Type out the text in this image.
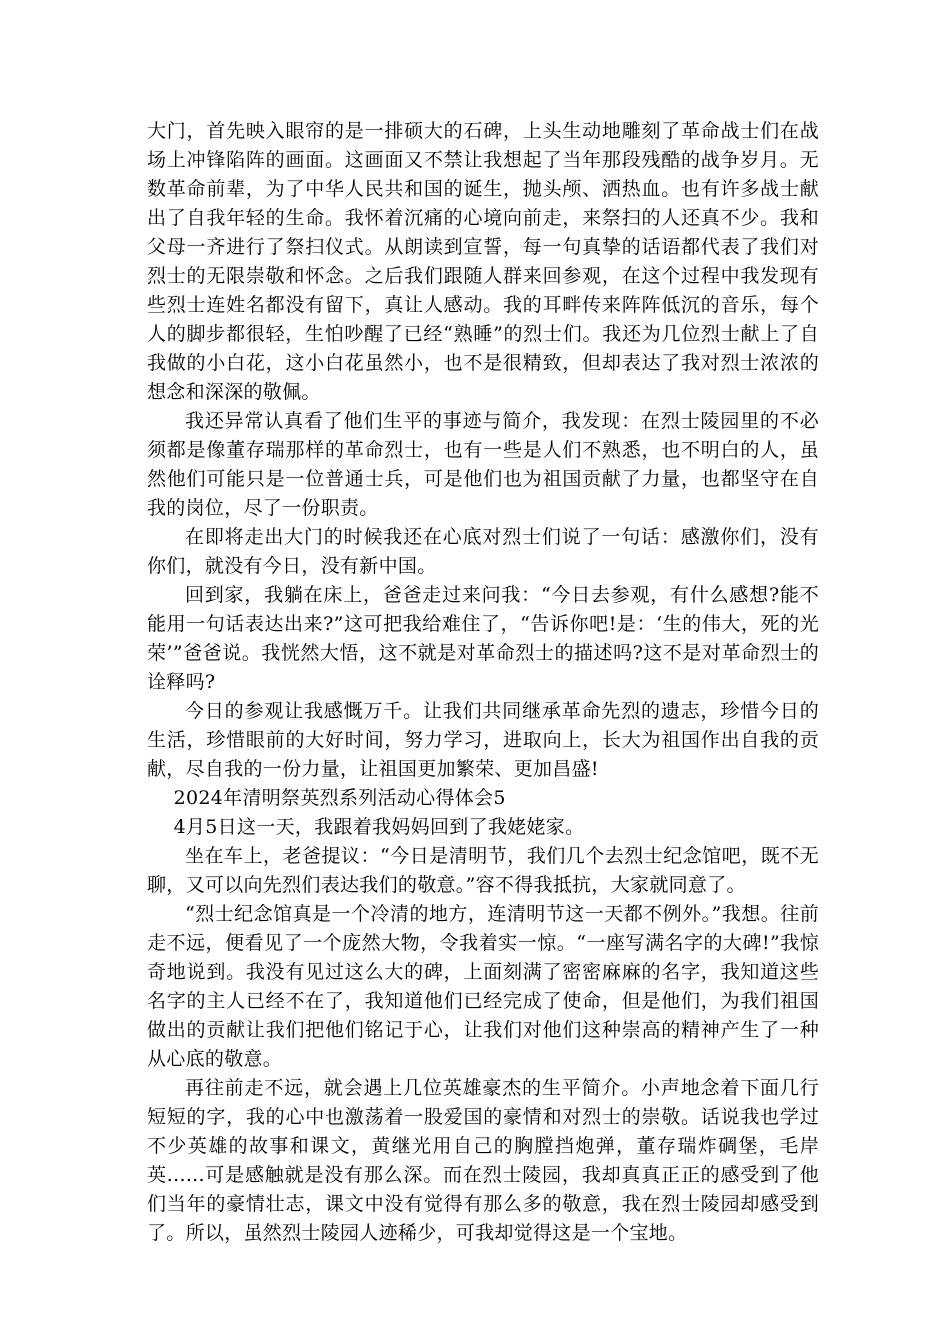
大门，首先映入眼帘的是一排硕大的石碑，上头生动地雕刻了革命战士们在战场上冲锋陷阵的画面。这画面又不禁让我想起了当年那段残酷的战争岁月。无数革命前辈，为了中华人民共和国的诞生，抛头颅、洒热血。也有许多战士献出了自我年轻的生命。我怀着沉痛的心境向前走，来祭扫的人还真不少。我和父母一齐进行了祭扫仪式。从朗读到宣誓，每一句真挚的话语都代表了我们对烈士的无限崇敬和怀念。之后我们跟随人群来回参观，在这个过程中我发现有些烈士连姓名都没有留下，真让人感动。我的耳畔传来阵阵低沉的音乐，每个人的脚步都很轻，生怕吵醒了已经“熟睡”的烈士们。我还为几位烈士献上了自我做的小白花，这小白花虽然小，也不是很精致，但却表达了我对烈士浓浓的想念和深深的敬佩。

我还异常认真看了他们生平的事迹与简介，我发现：在烈士陵园里的不必须都是像董存瑞那样的革命烈士，也有一些是人们不熟悉，也不明白的人，虽然他们可能只是一位普通士兵，可是他们也为祖国贡献了力量，也都坚守在自我的岗位，尽了一份职责。

在即将走出大门的时候我还在心底对烈士们说了一句话：感激你们，没有你们，就没有今日，没有新中国。

回到家，我躺在床上，爸爸走过来问我：“今日去参观，有什么感想?能不能用一句话表达出来?”这可把我给难住了，“告诉你吧!是：‘生的伟大，死的光荣’”爸爸说。我恍然大悟，这不就是对革命烈士的描述吗?这不是对革命烈士的诠释吗?

今日的参观让我感慨万千。让我们共同继承革命先烈的遗志，珍惜今日的生活，珍惜眼前的大好时间，努力学习，进取向上，长大为祖国作出自我的贡献，尽自我的一份力量，让祖国更加繁荣、更加昌盛!

2024年清明祭英烈系列活动心得体会5

4月5日这一天，我跟着我妈妈回到了我姥姥家。

坐在车上，老爸提议：“今日是清明节，我们几个去烈士纪念馆吧，既不无聊，又可以向先烈们表达我们的敬意。”容不得我抵抗，大家就同意了。

“烈士纪念馆真是一个冷清的地方，连清明节这一天都不例外。”我想。往前走不远，便看见了一个庞然大物，令我着实一惊。“一座写满名字的大碑!”我惊奇地说到。我没有见过这么大的碑，上面刻满了密密麻麻的名字，我知道这些名字的主人已经不在了，我知道他们已经完成了使命，但是他们，为我们祖国做出的贡献让我们把他们铭记于心，让我们对他们这种崇高的精神产生了一种从心底的敬意。

再往前走不远，就会遇上几位英雄豪杰的生平简介。小声地念着下面几行短短的字，我的心中也激荡着一股爱国的豪情和对烈士的崇敬。话说我也学过不少英雄的故事和课文，黄继光用自己的胸膛挡炮弹，董存瑞炸碉堡，毛岸英......可是感触就是没有那么深。而在烈士陵园，我却真真正正的感受到了他们当年的豪情壮志，课文中没有觉得有那么多的敬意，我在烈士陵园却感受到了。所以，虽然烈士陵园人迹稀少，可我却觉得这是一个宝地。
